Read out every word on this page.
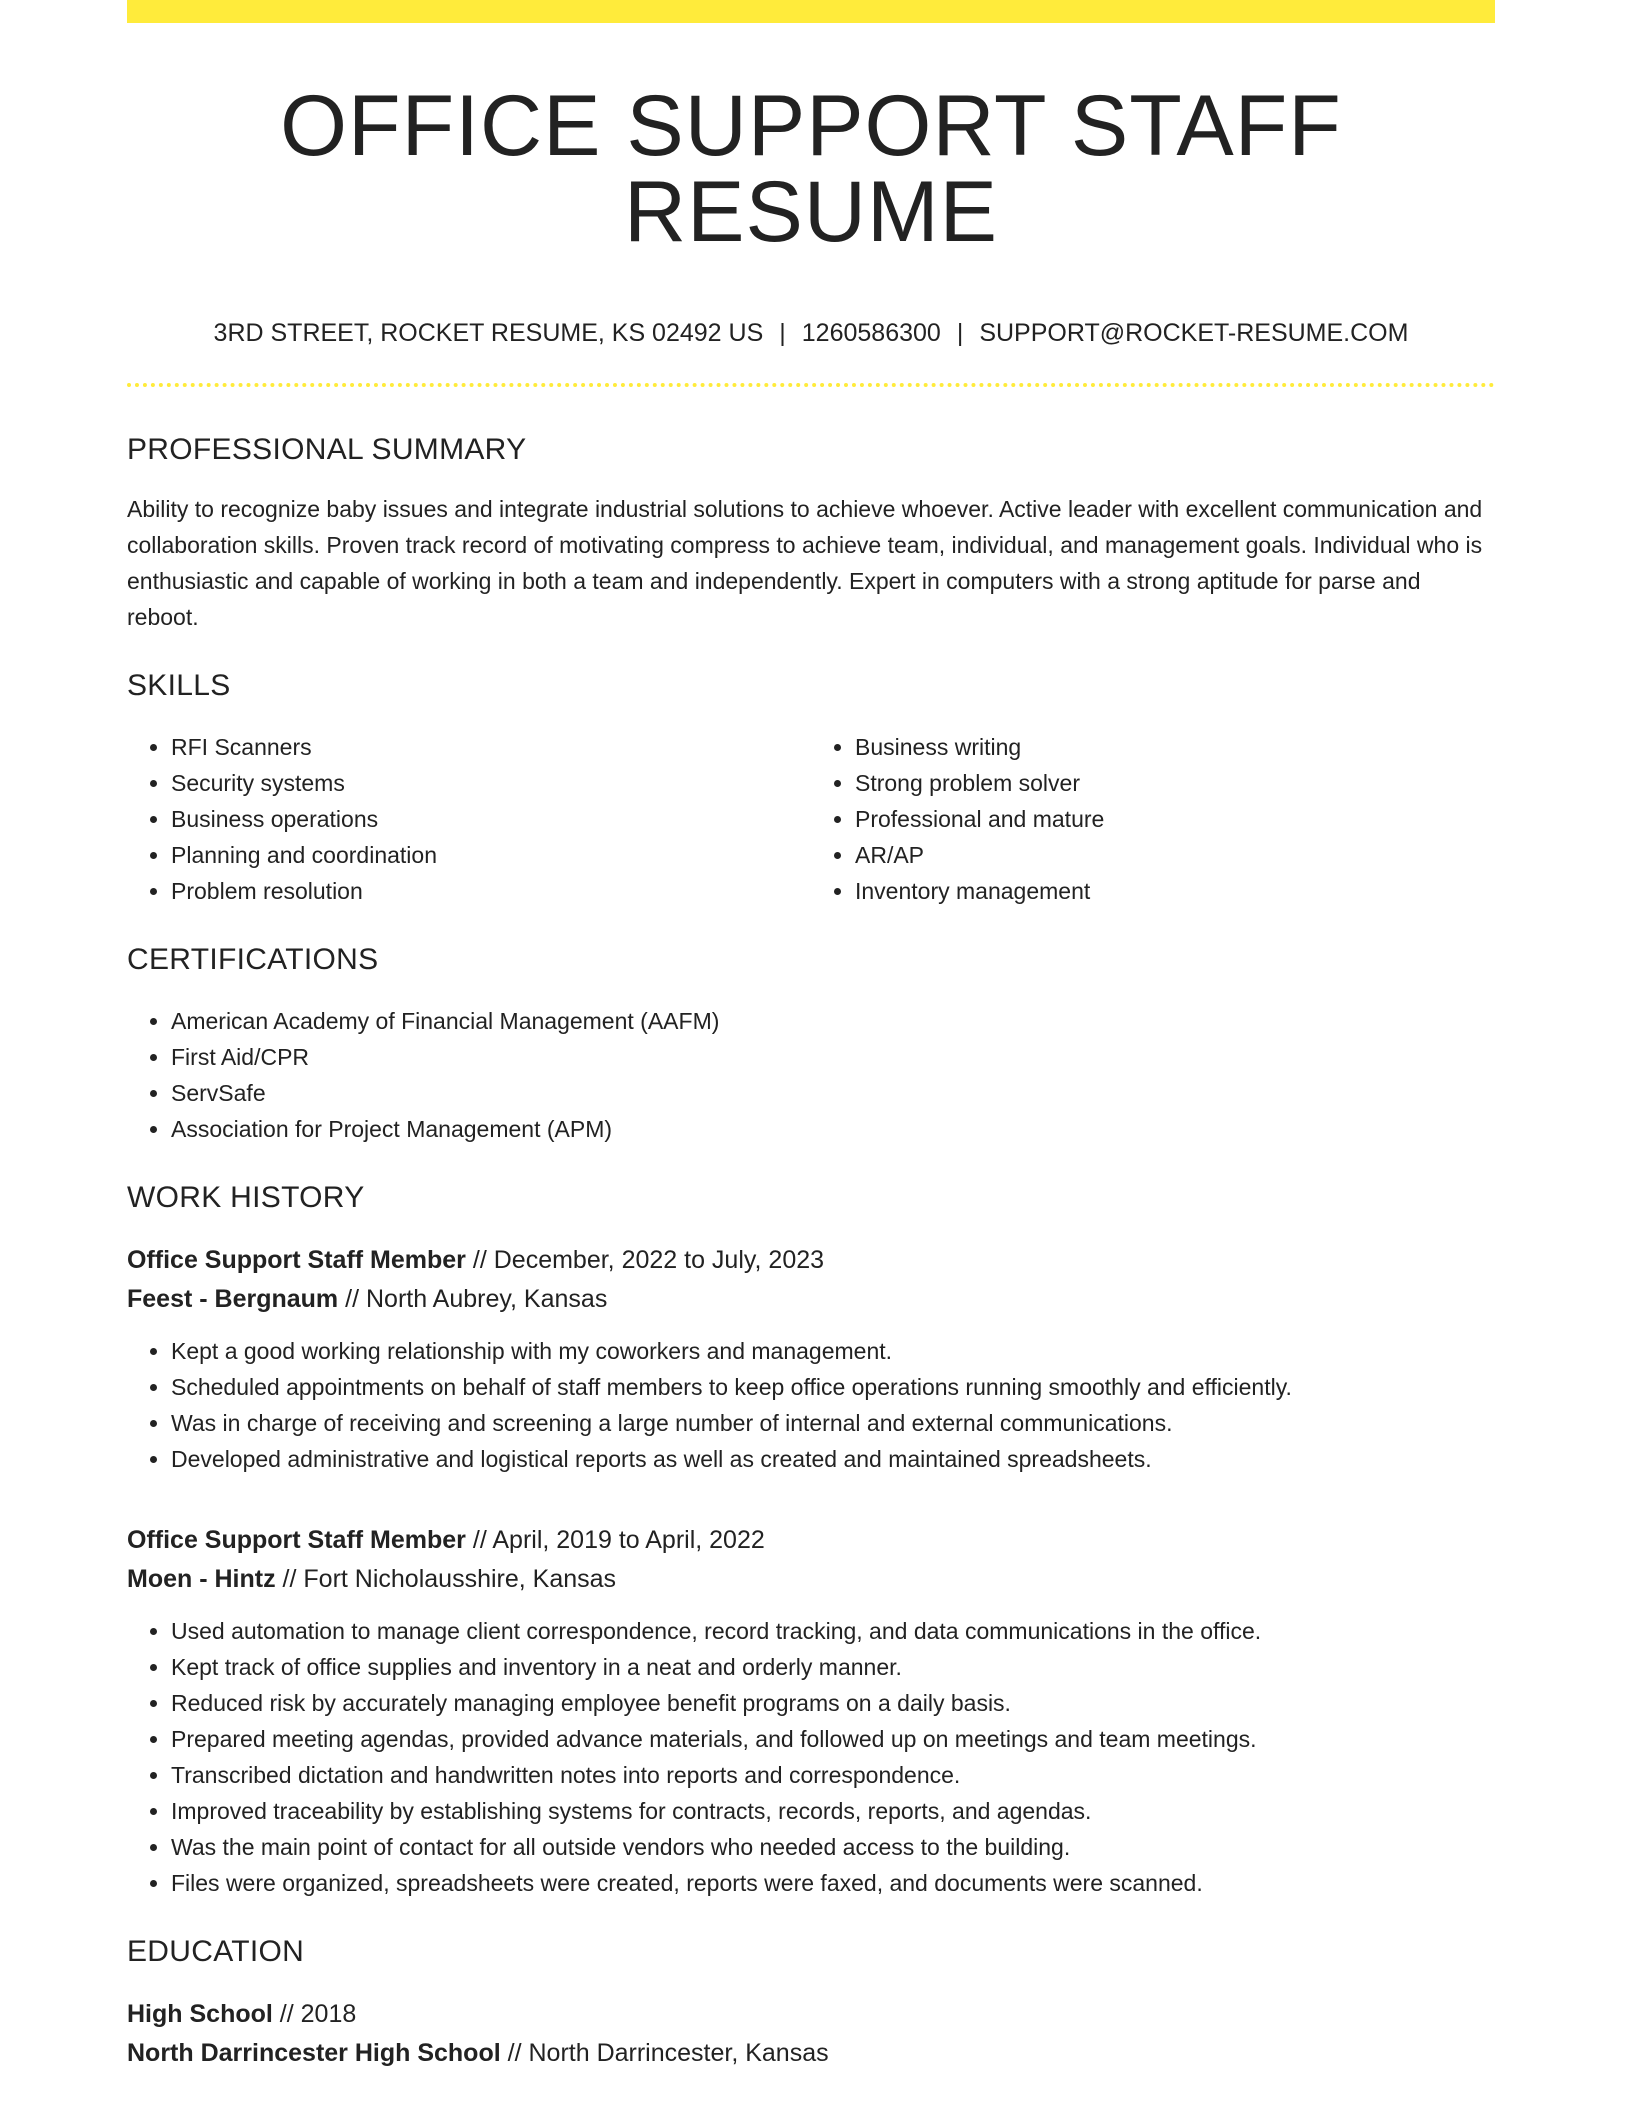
OFFICE SUPPORT STAFF RESUME
3RD STREET, ROCKET RESUME, KS 02492 US | 1260586300 | SUPPORT@ROCKET-RESUME.COM
PROFESSIONAL SUMMARY

Ability to recognize baby issues and integrate industrial solutions to achieve whoever. Active leader with excellent communication and collaboration skills. Proven track record of motivating compress to achieve team, individual, and management goals. Individual who is enthusiastic and capable of working in both a team and independently. Expert in computers with a strong aptitude for parse and reboot.

SKILLS
• RFI Scanners
• Security systems
• Business operations
• Planning and coordination
• Problem resolution
• Business writing
• Strong problem solver
• Professional and mature
• AR/AP
• Inventory management
CERTIFICATIONS
• American Academy of Financial Management (AAFM)
• First Aid/CPR
• ServSafe
• Association for Project Management (APM)
WORK HISTORY
Office Support Staff Member // December, 2022 to July, 2023
Feest - Bergnaum // North Aubrey, Kansas
• Kept a good working relationship with my coworkers and management.
• Scheduled appointments on behalf of staff members to keep office operations running smoothly and efficiently.
• Was in charge of receiving and screening a large number of internal and external communications.
• Developed administrative and logistical reports as well as created and maintained spreadsheets.
Office Support Staff Member // April, 2019 to April, 2022
Moen - Hintz // Fort Nicholausshire, Kansas
• Used automation to manage client correspondence, record tracking, and data communications in the office.
• Kept track of office supplies and inventory in a neat and orderly manner.
• Reduced risk by accurately managing employee benefit programs on a daily basis.
• Prepared meeting agendas, provided advance materials, and followed up on meetings and team meetings.
• Transcribed dictation and handwritten notes into reports and correspondence.
• Improved traceability by establishing systems for contracts, records, reports, and agendas.
• Was the main point of contact for all outside vendors who needed access to the building.
• Files were organized, spreadsheets were created, reports were faxed, and documents were scanned.
EDUCATION
High School // 2018
North Darrincester High School // North Darrincester, Kansas
